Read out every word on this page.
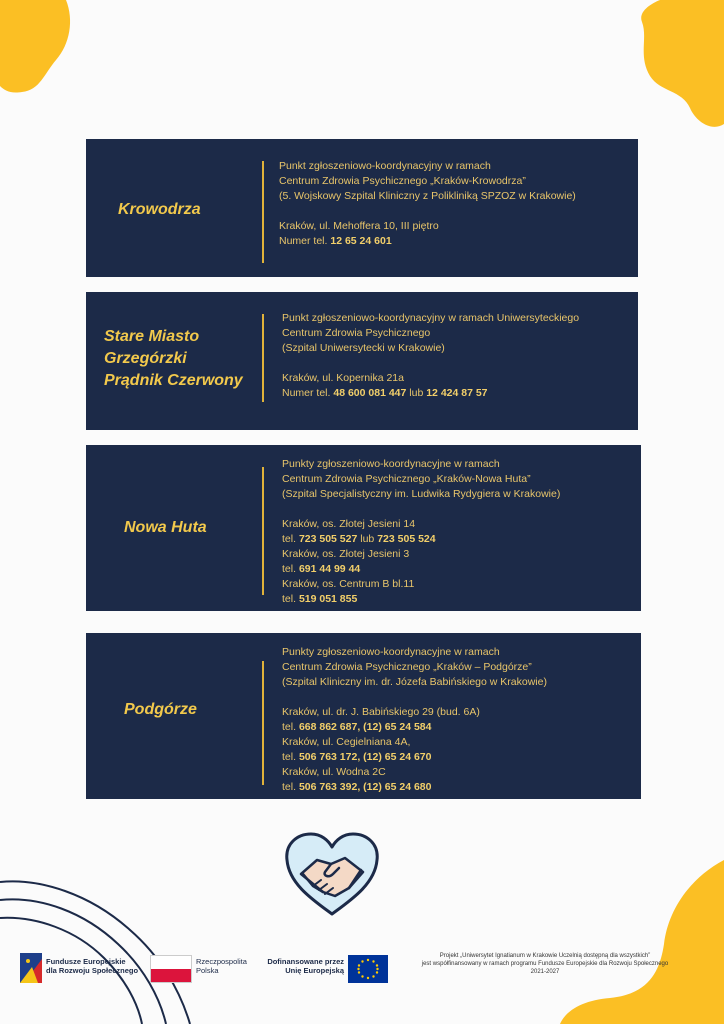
Krowodrza
Punkt zgłoszeniowo-koordynacyjny w ramach
Centrum Zdrowia Psychicznego „Kraków-Krowodrza”
(5. Wojskowy Szpital Kliniczny z Polikliniką SPZOZ w Krakowie)
Kraków, ul. Mehoffera 10, III piętro
Numer tel. 12 65 24 601
Stare Miasto
Grzegórzki
Prądnik Czerwony
Punkt zgłoszeniowo-koordynacyjny w ramach Uniwersyteckiego
Centrum Zdrowia Psychicznego
(Szpital Uniwersytecki w Krakowie)
Kraków, ul. Kopernika 21a
Numer tel. 48 600 081 447 lub 12 424 87 57
Nowa Huta
Punkty zgłoszeniowo-koordynacyjne w ramach
Centrum Zdrowia Psychicznego „Kraków-Nowa Huta”
(Szpital Specjalistyczny im. Ludwika Rydygiera w Krakowie)
Kraków, os. Złotej Jesieni 14
tel. 723 505 527 lub 723 505 524
Kraków, os. Złotej Jesieni 3
tel. 691 44 99 44
Kraków, os. Centrum B bl.11
tel. 519 051 855
Podgórze
Punkty zgłoszeniowo-koordynacyjne w ramach
Centrum Zdrowia Psychicznego „Kraków – Podgórze”
(Szpital Kliniczny im. dr. Józefa Babińskiego w Krakowie)
Kraków, ul. dr. J. Babińskiego 29 (bud. 6A)
tel. 668 862 687, (12) 65 24 584
Kraków, ul. Cegielniana 4A,
tel. 506 763 172, (12) 65 24 670
Kraków, ul. Wodna 2C
tel. 506 763 392, (12) 65 24 680
Fundusze Europejskie
dla Rozwoju Społecznego
Rzeczpospolita
Polska
Dofinansowane przez
Unię Europejską
Projekt „Uniwersytet Ignatianum w Krakowie Uczelnią dostępną dla wszystkich”
jest współfinansowany w ramach programu Fundusze Europejskie dla Rozwoju Społecznego
2021-2027
